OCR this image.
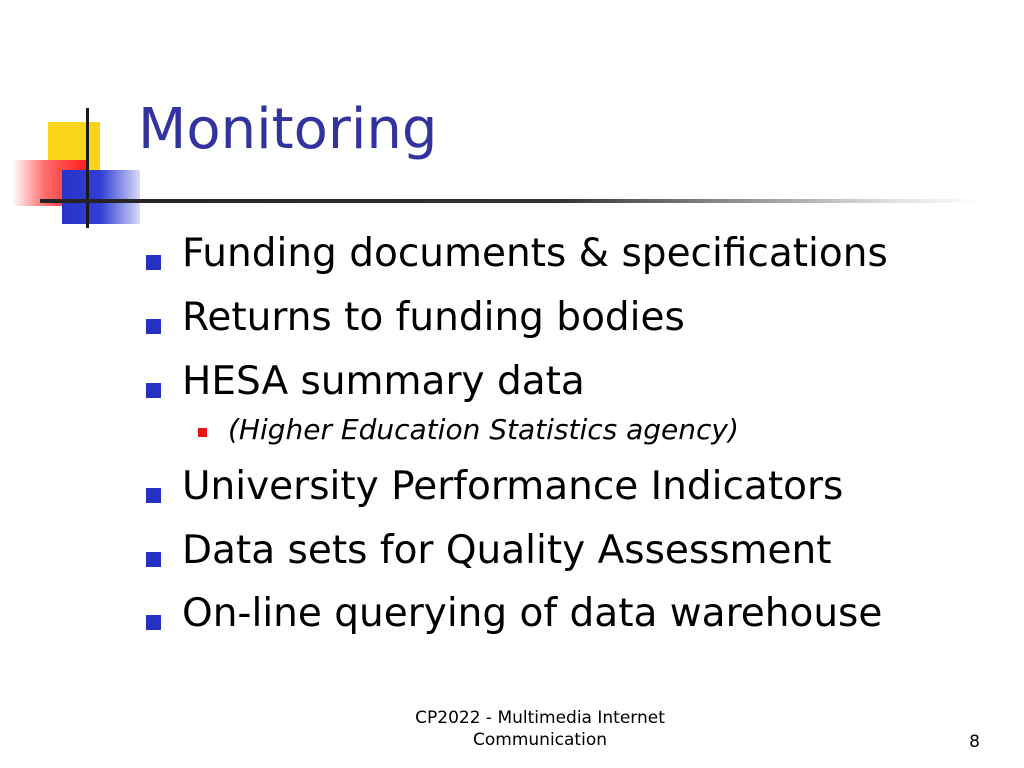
Monitoring
Funding documents & specifications
Returns to funding bodies
HESA summary data
(Higher Education Statistics agency)
University Performance Indicators
Data sets for Quality Assessment
On-line querying of data warehouse
CP2022 - Multimedia Internet
Communication	8
